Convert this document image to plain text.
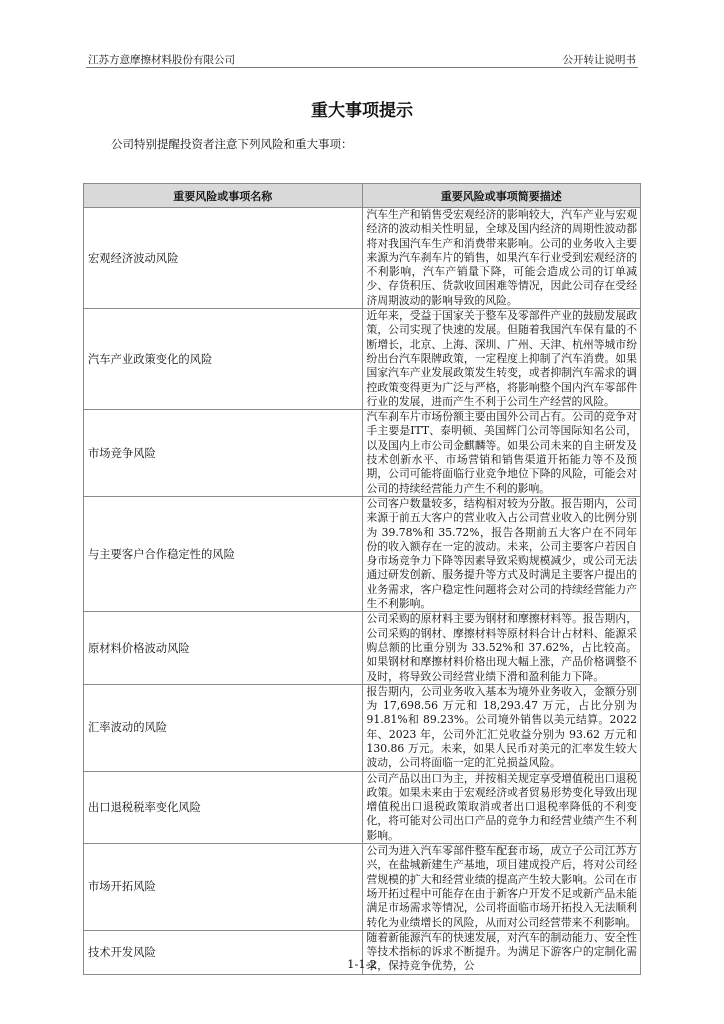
江苏方意摩擦材料股份有限公司	公开转让说明书
重大事项提示
公司特别提醒投资者注意下列风险和重大事项：
重要风险或事项名称	重要风险或事项简要描述
宏观经济波动风险	汽车生产和销售受宏观经济的影响较大，汽车产业与宏观经济的波动相关性明显，全球及国内经济的周期性波动都将对我国汽车生产和消费带来影响。公司的业务收入主要来源为汽车刹车片的销售，如果汽车行业受到宏观经济的不利影响，汽车产销量下降，可能会造成公司的订单减少、存货积压、货款收回困难等情况，因此公司存在受经济周期波动的影响导致的风险。
汽车产业政策变化的风险	近年来，受益于国家关于整车及零部件产业的鼓励发展政策，公司实现了快速的发展。但随着我国汽车保有量的不断增长，北京、上海、深圳、广州、天津、杭州等城市纷纷出台汽车限牌政策，一定程度上抑制了汽车消费。如果国家汽车产业发展政策发生转变，或者抑制汽车需求的调控政策变得更为广泛与严格，将影响整个国内汽车零部件行业的发展，进而产生不利于公司生产经营的风险。
市场竞争风险	汽车刹车片市场份额主要由国外公司占有。公司的竞争对手主要是ITT、泰明顿、美国辉门公司等国际知名公司，以及国内上市公司金麒麟等。如果公司未来的自主研发及技术创新水平、市场营销和销售渠道开拓能力等不及预期，公司可能将面临行业竞争地位下降的风险，可能会对公司的持续经营能力产生不利的影响。
与主要客户合作稳定性的风险	公司客户数量较多，结构相对较为分散。报告期内，公司来源于前五大客户的营业收入占公司营业收入的比例分别为 39.78%和 35.72%，报告各期前五大客户在不同年份的收入额存在一定的波动。未来，公司主要客户若因自身市场竞争力下降等因素导致采购规模减少，或公司无法通过研发创新、服务提升等方式及时满足主要客户提出的业务需求，客户稳定性问题将会对公司的持续经营能力产生不利影响。
原材料价格波动风险	公司采购的原材料主要为钢材和摩擦材料等。报告期内，公司采购的钢材、摩擦材料等原材料合计占材料、能源采购总额的比重分别为 33.52%和 37.62%，占比较高。如果钢材和摩擦材料价格出现大幅上涨，产品价格调整不及时，将导致公司经营业绩下滑和盈利能力下降。
汇率波动的风险	报告期内，公司业务收入基本为境外业务收入，金额分别为 17,698.56 万元和 18,293.47 万元，占比分别为 91.81%和 89.23%。公司境外销售以美元结算。2022 年、2023 年，公司外汇汇兑收益分别为 93.62 万元和 130.86 万元。未来，如果人民币对美元的汇率发生较大波动，公司将面临一定的汇兑损益风险。
出口退税税率变化风险	公司产品以出口为主，并按相关规定享受增值税出口退税政策。如果未来由于宏观经济或者贸易形势变化导致出现增值税出口退税政策取消或者出口退税率降低的不利变化，将可能对公司出口产品的竞争力和经营业绩产生不利影响。
市场开拓风险	公司为进入汽车零部件整车配套市场，成立子公司江苏方兴，在盐城新建生产基地，项目建成投产后，将对公司经营规模的扩大和经营业绩的提高产生较大影响。公司在市场开拓过程中可能存在由于新客户开发不足或新产品未能满足市场需求等情况，公司将面临市场开拓投入无法顺利转化为业绩增长的风险，从而对公司经营带来不利影响。
技术开发风险	随着新能源汽车的快速发展，对汽车的制动能力、安全性等技术指标的诉求不断提升。为满足下游客户的定制化需求，保持竞争优势，公
1-1-2
